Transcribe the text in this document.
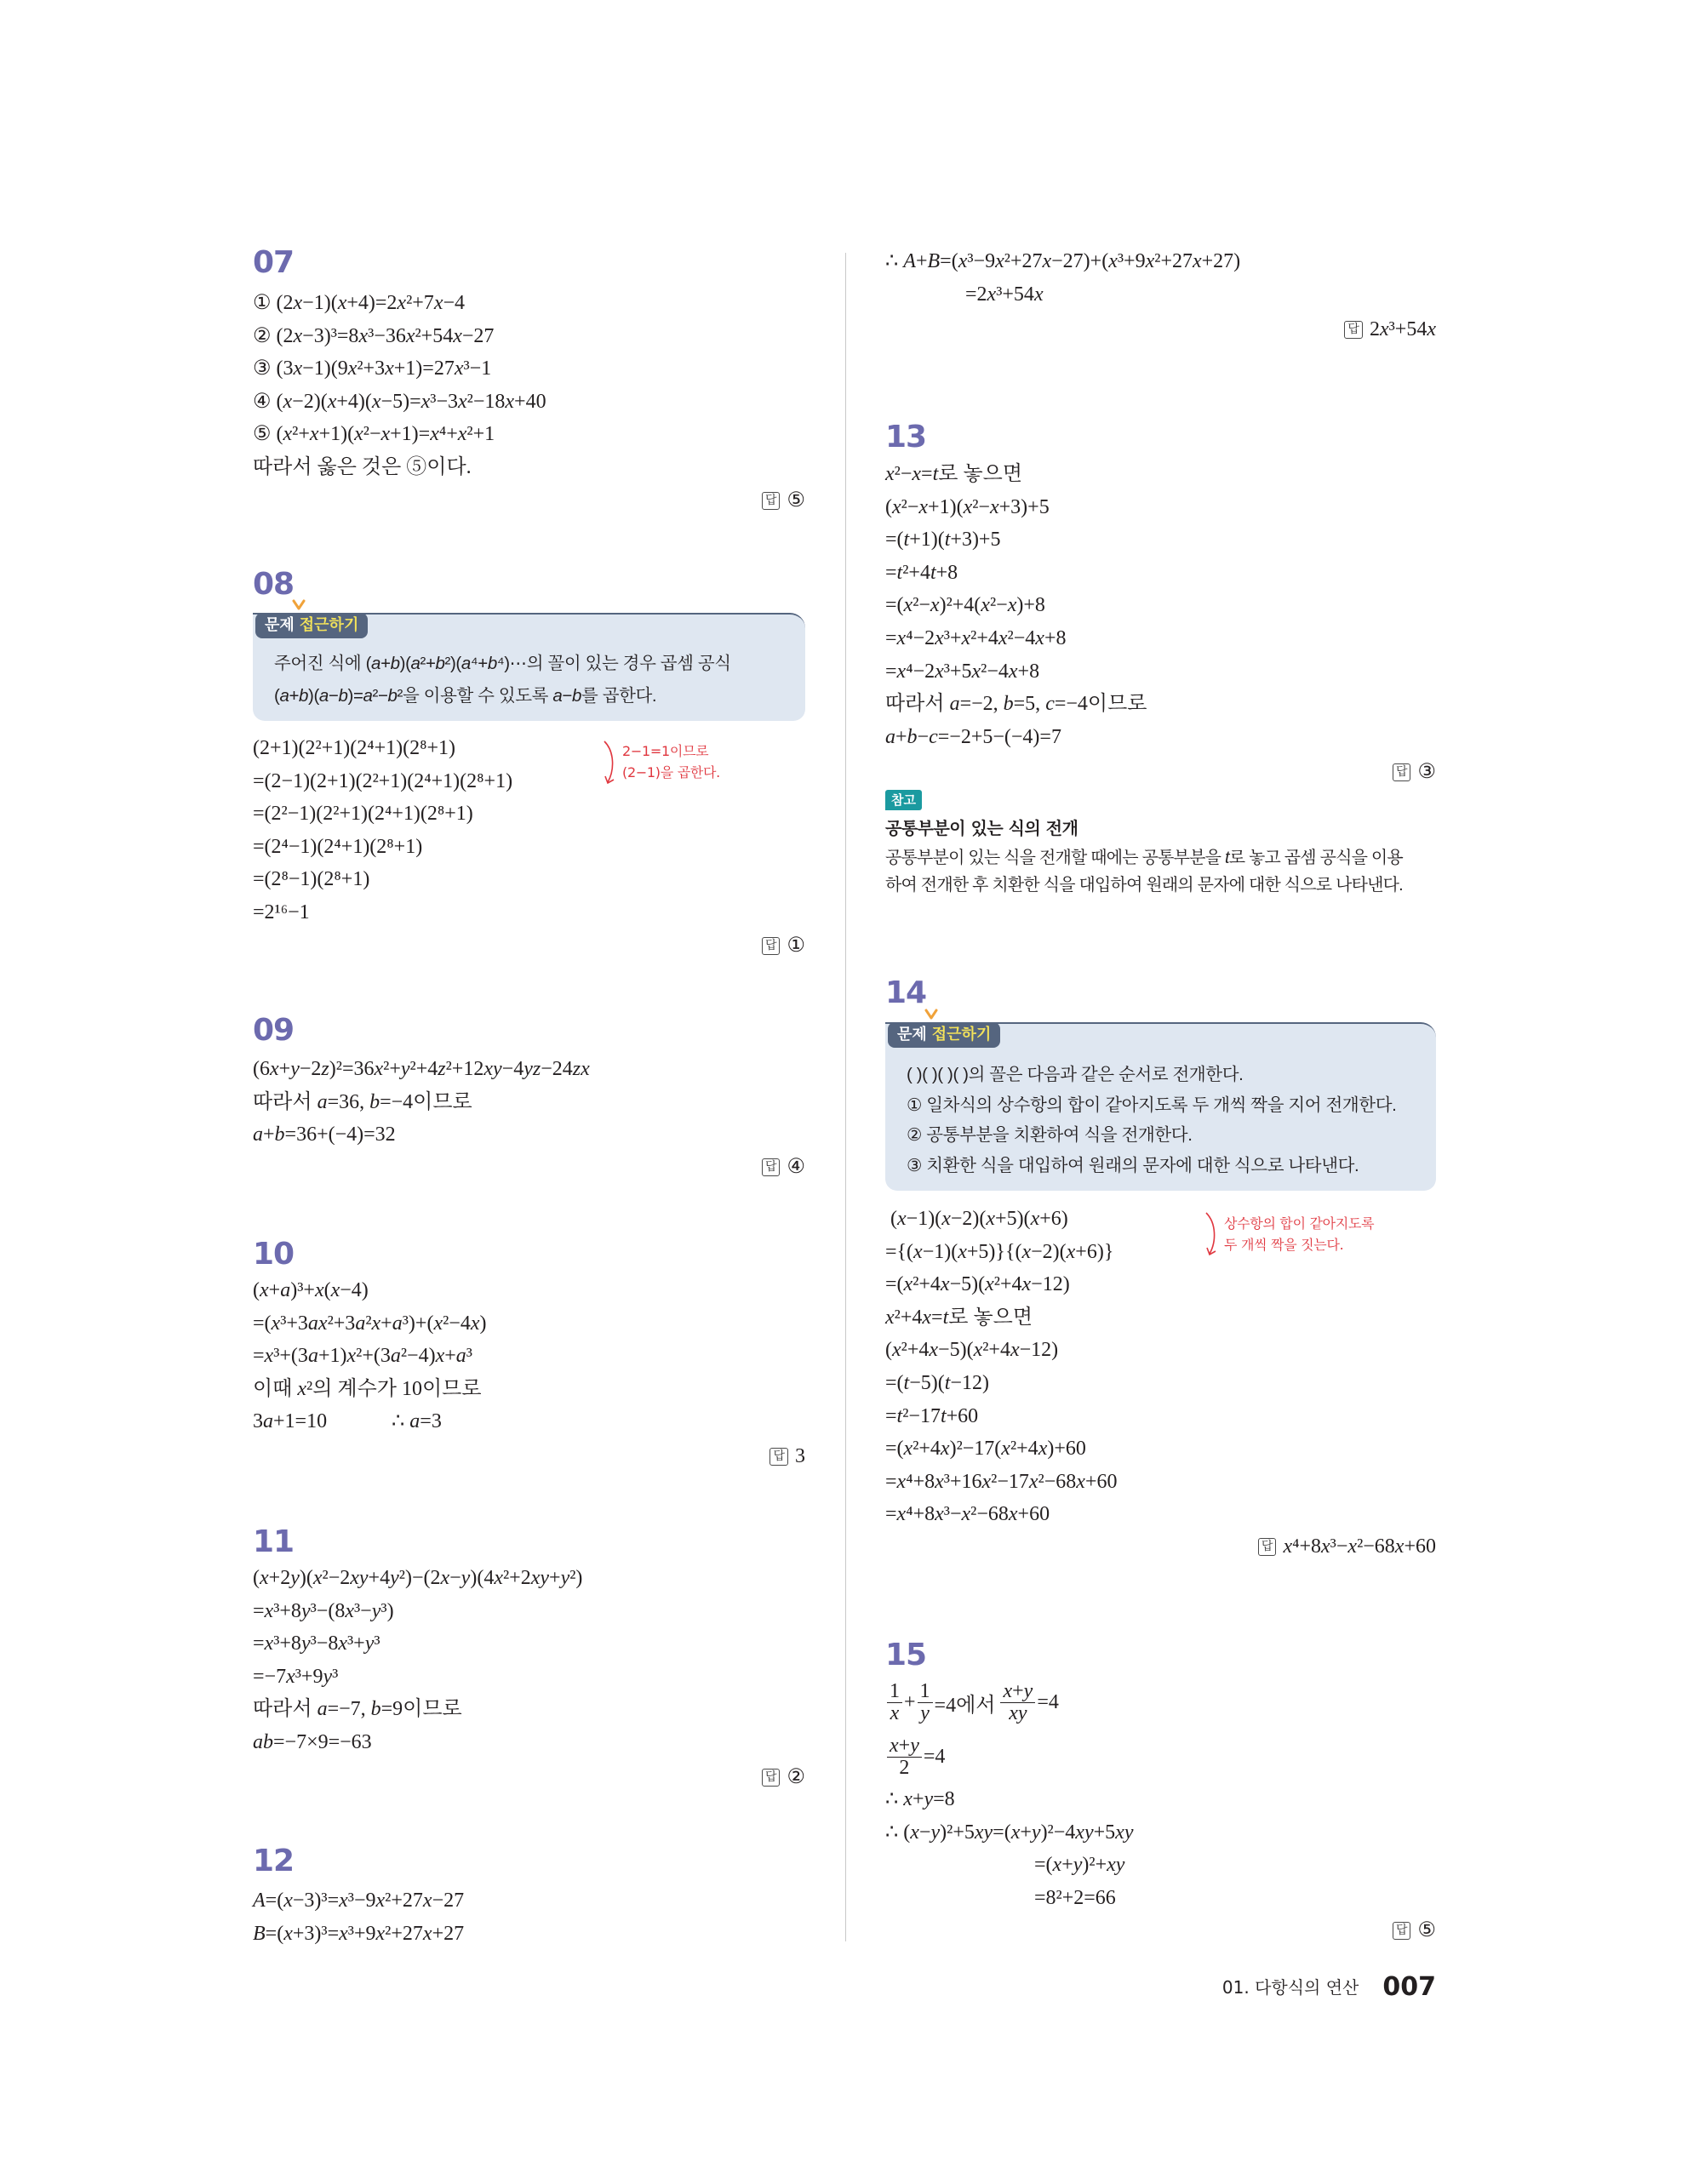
07
① (2x−1)(x+4)=2x²+7x−4
② (2x−3)³=8x³−36x²+54x−27
③ (3x−1)(9x²+3x+1)=27x³−1
④ (x−2)(x+4)(x−5)=x³−3x²−18x+40
⑤ (x²+x+1)(x²−x+1)=x⁴+x²+1
따라서 옳은 것은 ⑤이다.
답 ⑤
08
문제 접근하기
주어진 식에 (a+b)(a²+b²)(a⁴+b⁴)⋯의 꼴이 있는 경우 곱셈 공식
(a+b)(a−b)=a²−b²을 이용할 수 있도록 a−b를 곱한다.
(2+1)(2²+1)(2⁴+1)(2⁸+1)
=(2−1)(2+1)(2²+1)(2⁴+1)(2⁸+1)
=(2²−1)(2²+1)(2⁴+1)(2⁸+1)
=(2⁴−1)(2⁴+1)(2⁸+1)
=(2⁸−1)(2⁸+1)
=2¹⁶−1
2−1=1이므로
(2−1)을 곱한다.
답 ①
09
(6x+y−2z)²=36x²+y²+4z²+12xy−4yz−24zx
따라서 a=36, b=−4이므로
a+b=36+(−4)=32
답 ④
10
(x+a)³+x(x−4)
=(x³+3ax²+3a²x+a³)+(x²−4x)
=x³+(3a+1)x²+(3a²−4)x+a³
이때 x²의 계수가 10이므로
3a+1=10	∴ a=3
답 3
11
(x+2y)(x²−2xy+4y²)−(2x−y)(4x²+2xy+y²)
=x³+8y³−(8x³−y³)
=x³+8y³−8x³+y³
=−7x³+9y³
따라서 a=−7, b=9이므로
ab=−7×9=−63
답 ②
12
A=(x−3)³=x³−9x²+27x−27
B=(x+3)³=x³+9x²+27x+27
∴ A+B=(x³−9x²+27x−27)+(x³+9x²+27x+27)
=2x³+54x
답 2x³+54x
13
x²−x=t로 놓으면
(x²−x+1)(x²−x+3)+5
=(t+1)(t+3)+5
=t²+4t+8
=(x²−x)²+4(x²−x)+8
=x⁴−2x³+x²+4x²−4x+8
=x⁴−2x³+5x²−4x+8
따라서 a=−2, b=5, c=−4이므로
a+b−c=−2+5−(−4)=7
답 ③
참고
공통부분이 있는 식의 전개
공통부분이 있는 식을 전개할 때에는 공통부분을 t로 놓고 곱셈 공식을 이용
하여 전개한 후 치환한 식을 대입하여 원래의 문자에 대한 식으로 나타낸다.
14
문제 접근하기
( )( )( )( )의 꼴은 다음과 같은 순서로 전개한다.
① 일차식의 상수항의 합이 같아지도록 두 개씩 짝을 지어 전개한다.
② 공통부분을 치환하여 식을 전개한다.
③ 치환한 식을 대입하여 원래의 문자에 대한 식으로 나타낸다.
(x−1)(x−2)(x+5)(x+6)
={(x−1)(x+5)}{(x−2)(x+6)}
=(x²+4x−5)(x²+4x−12)
x²+4x=t로 놓으면
(x²+4x−5)(x²+4x−12)
=(t−5)(t−12)
=t²−17t+60
=(x²+4x)²−17(x²+4x)+60
=x⁴+8x³+16x²−17x²−68x+60
=x⁴+8x³−x²−68x+60
상수항의 합이 같아지도록
두 개씩 짝을 짓는다.
답 x⁴+8x³−x²−68x+60
15
$\frac{1}{x} + \frac{1}{y} =4$에서 $\frac{x+y}{xy} =4$
$\frac{x+y}{2} =4$
∴ x+y=8
∴ (x−y)²+5xy=(x+y)²−4xy+5xy
=(x+y)²+xy
=8²+2=66
답 ⑤
01. 다항식의 연산 007
